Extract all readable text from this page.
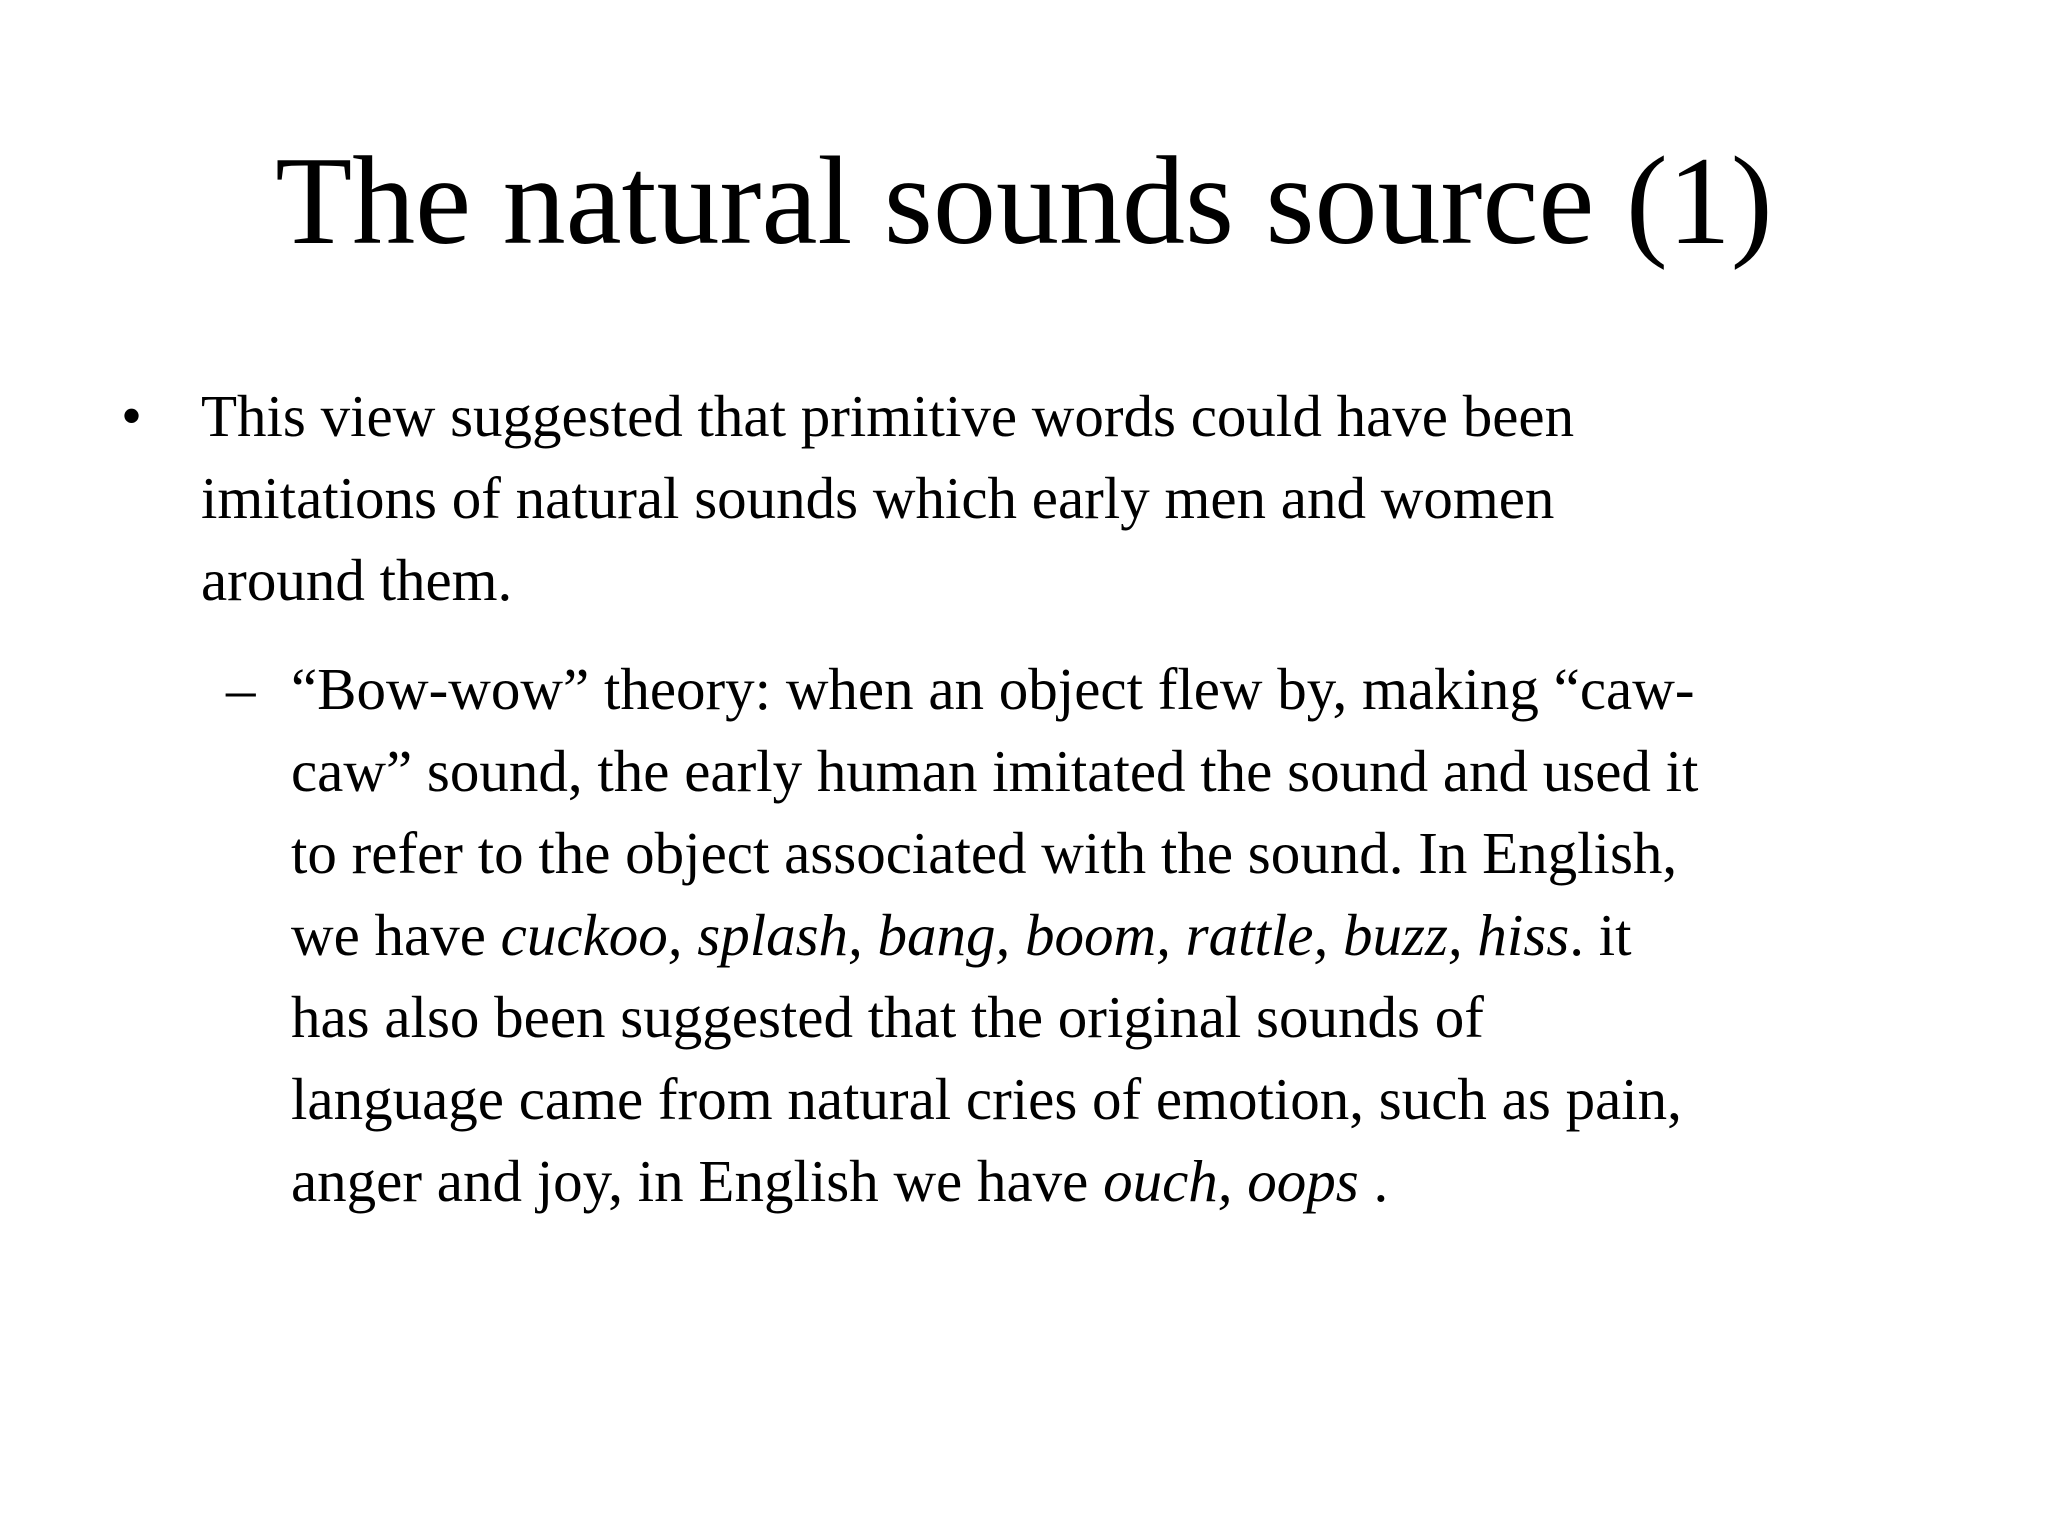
The natural sounds source (1)
• This view suggested that primitive words could have been
imitations of natural sounds which early men and women
around them.
– “Bow-wow” theory: when an object flew by, making “caw-
caw” sound, the early human imitated the sound and used it
to refer to the object associated with the sound. In English,
we have cuckoo, splash, bang, boom, rattle, buzz, hiss. it
has also been suggested that the original sounds of
language came from natural cries of emotion, such as pain,
anger and joy, in English we have ouch, oops .
